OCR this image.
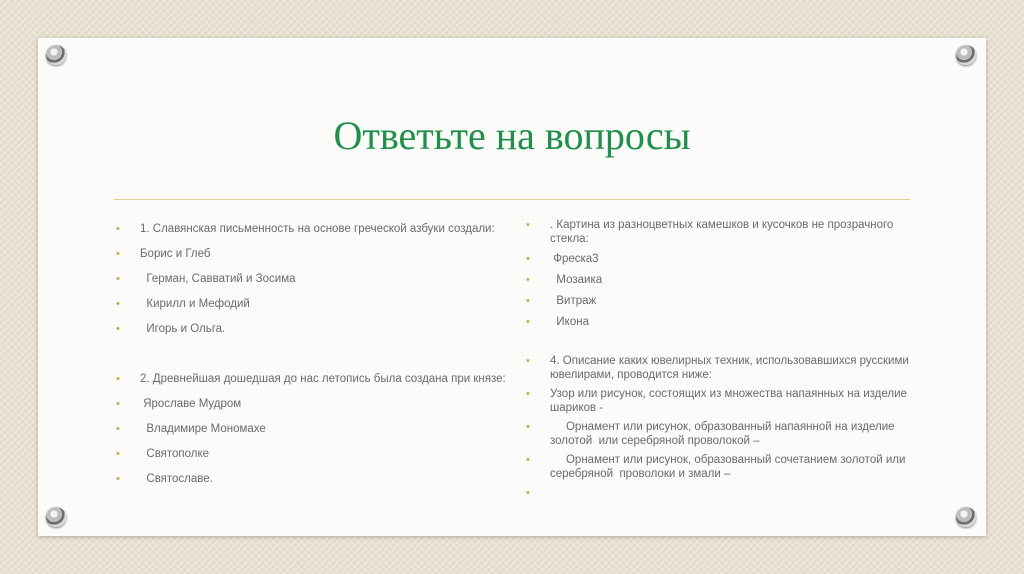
Ответьте на вопросы
• 1. Славянская письменность на основе греческой азбуки создали:
• Борис и Глеб
• Герман, Савватий и Зосима
• Кирилл и Мефодий
• Игорь и Ольга.
• 2. Древнейшая дошедшая до нас летопись была создана при князе:
• Ярославе Мудром
• Владимире Мономахе
• Святополке
• Святославе.
• . Картина из разноцветных камешков и кусочков не прозрачного стекла:
• Фреска3
• Мозаика
• Витраж
• Икона
• 4. Описание каких ювелирных техник, использовавшихся русскими ювелирами, проводится ниже:
• Узор или рисунок, состоящих из множества напаянных на изделие шариков -
• Орнамент или рисунок, образованный напаянной на изделие золотой  или серебряной проволокой –
• Орнамент или рисунок, образованный сочетанием золотой или серебряной  проволоки и змали –
•
